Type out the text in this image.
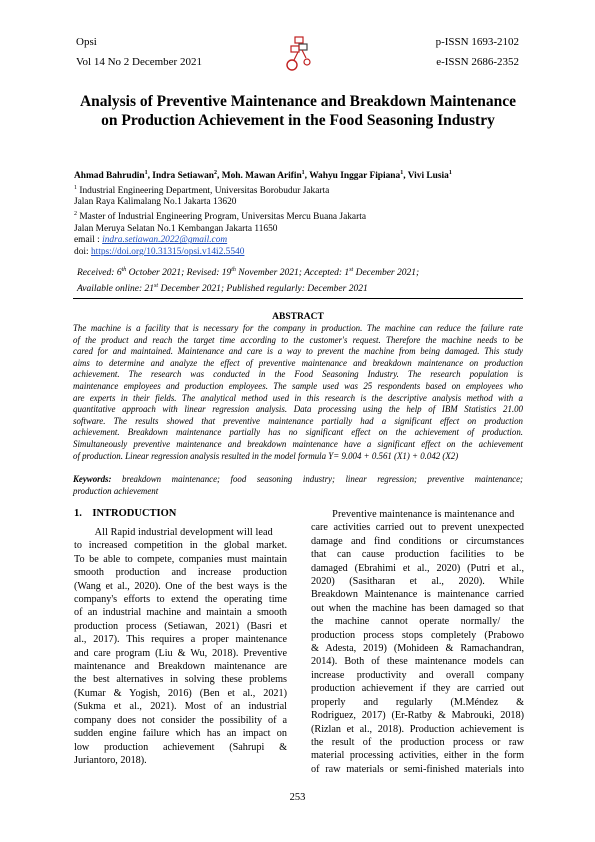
Opsi
Vol 14 No 2 December 2021
p-ISSN 1693-2102
e-ISSN 2686-2352
Analysis of Preventive Maintenance and Breakdown Maintenance
on Production Achievement in the Food Seasoning Industry
Ahmad Bahrudin$^1$, Indra Setiawan$^2$, Moh. Mawan Arifin$^1$, Wahyu Inggar Fipiana$^1$, Vivi Lusia$^1$
$^1$ Industrial Engineering Department, Universitas Borobudur Jakarta
Jalan Raya Kalimalang No.1 Jakarta 13620
$^2$ Master of Industrial Engineering Program, Universitas Mercu Buana Jakarta
Jalan Meruya Selatan No.1 Kembangan Jakarta 11650
email : indra.setiawan.2022@gmail.com
doi: https://doi.org/10.31315/opsi.v14i2.5540
Received: 6th October 2021; Revised: 19th November 2021; Accepted: 1st December 2021;
Available online: 21st December 2021; Published regularly: December 2021
ABSTRACT
The machine is a facility that is necessary for the company in production. The machine can reduce the failure rate
of the product and reach the target time according to the customer's request. Therefore the machine needs to be
cared for and maintained. Maintenance and care is a way to prevent the machine from being damaged. This study
aims to determine and analyze the effect of preventive maintenance and breakdown maintenance on production
achievement. The research was conducted in the Food Seasoning Industry. The research population is
maintenance employees and production employees. The sample used was 25 respondents based on employees who
are experts in their fields. The analytical method used in this research is the descriptive analysis method with a
quantitative approach with linear regression analysis. Data processing using the help of IBM Statistics 21.00
software. The results showed that preventive maintenance partially had a significant effect on production
achievement. Breakdown maintenance partially has no significant effect on the achievement of production.
Simultaneously preventive maintenance and breakdown maintenance have a significant effect on the achievement
of production. Linear regression analysis resulted in the model formula Y= 9.004 + 0.561 (X1) + 0.042 (X2)
Keywords: breakdown maintenance; food seasoning industry; linear regression; preventive maintenance;
production achievement
1.    INTRODUCTION
All Rapid industrial development will lead
to increased competition in the global market.
To be able to compete, companies must maintain
smooth production and increase production
(Wang et al., 2020). One of the best ways is the
company's efforts to extend the operating time
of an industrial machine and maintain a smooth
production process (Setiawan, 2021) (Basri et
al., 2017). This requires a proper maintenance
and care program (Liu & Wu, 2018). Preventive
maintenance and Breakdown maintenance are
the best alternatives in solving these problems
(Kumar & Yogish, 2016) (Ben et al., 2021)
(Sukma et al., 2021). Most of an industrial
company does not consider the possibility of a
sudden engine failure which has an impact on
low production achievement (Sahrupi &
Juriantoro, 2018).
Preventive maintenance is maintenance and
care activities carried out to prevent unexpected
damage and find conditions or circumstances
that can cause production facilities to be
damaged (Ebrahimi et al., 2020) (Putri et al.,
2020) (Sasitharan et al., 2020). While
Breakdown Maintenance is maintenance carried
out when the machine has been damaged so that
the machine cannot operate normally/ the
production process stops completely (Prabowo
& Adesta, 2019) (Mohideen & Ramachandran,
2014). Both of these maintenance models can
increase productivity and overall company
production achievement if they are carried out
properly and regularly (M.Méndez &
Rodriguez, 2017) (Er-Ratby & Mabrouki, 2018)
(Rizlan et al., 2018). Production achievement is
the result of the production process or raw
material processing activities, either in the form
of raw materials or semi-finished materials into
253
